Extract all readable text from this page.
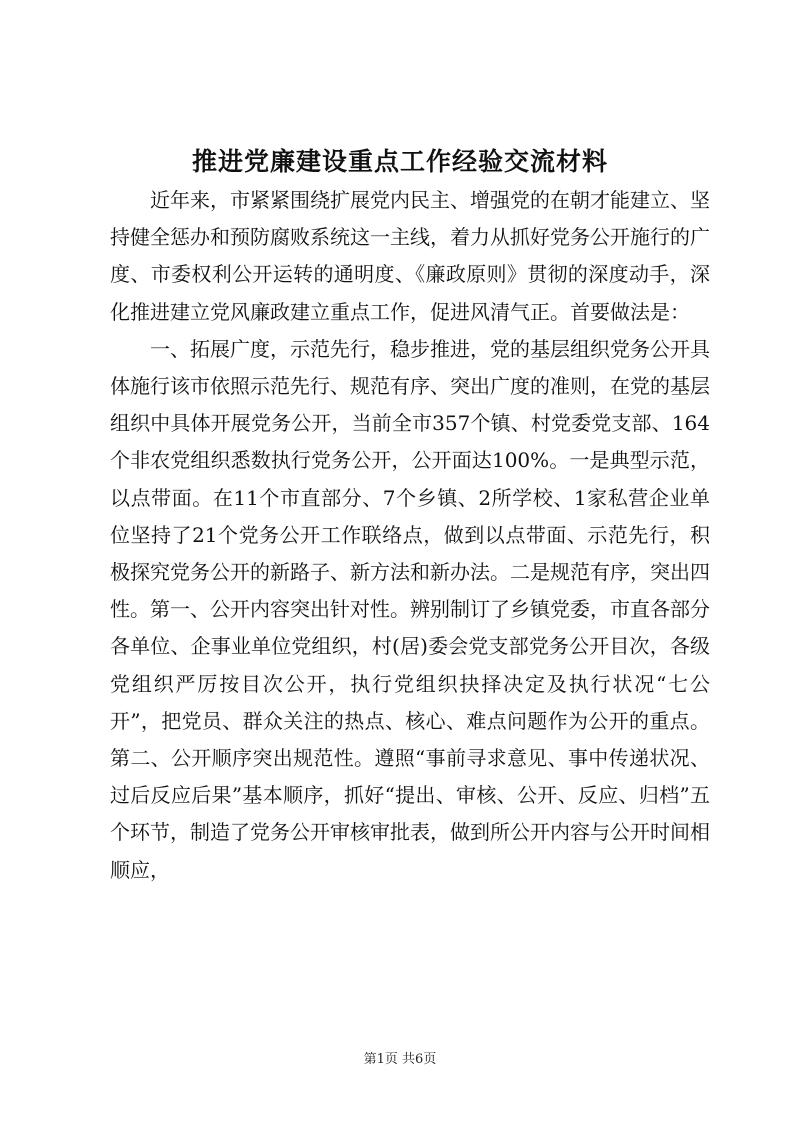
推进党廉建设重点工作经验交流材料

近年来，市紧紧围绕扩展党内民主、增强党的在朝才能建立、坚持健全惩办和预防腐败系统这一主线，着力从抓好党务公开施行的广度、市委权利公开运转的通明度、《廉政原则》贯彻的深度动手，深化推进建立党风廉政建立重点工作，促进风清气正。首要做法是：

一、拓展广度，示范先行，稳步推进，党的基层组织党务公开具体施行该市依照示范先行、规范有序、突出广度的准则，在党的基层组织中具体开展党务公开，当前全市357个镇、村党委党支部、164个非农党组织悉数执行党务公开，公开面达100%。一是典型示范，以点带面。在11个市直部分、7个乡镇、2所学校、1家私营企业单位坚持了21个党务公开工作联络点，做到以点带面、示范先行，积极探究党务公开的新路子、新方法和新办法。二是规范有序，突出四性。第一、公开内容突出针对性。辨别制订了乡镇党委，市直各部分各单位、企事业单位党组织，村(居)委会党支部党务公开目次，各级党组织严厉按目次公开，执行党组织抉择决定及执行状况“七公开”，把党员、群众关注的热点、核心、难点问题作为公开的重点。第二、公开顺序突出规范性。遵照“事前寻求意见、事中传递状况、过后反应后果”基本顺序，抓好“提出、审核、公开、反应、归档”五个环节，制造了党务公开审核审批表，做到所公开内容与公开时间相顺应，

第1页 共6页
